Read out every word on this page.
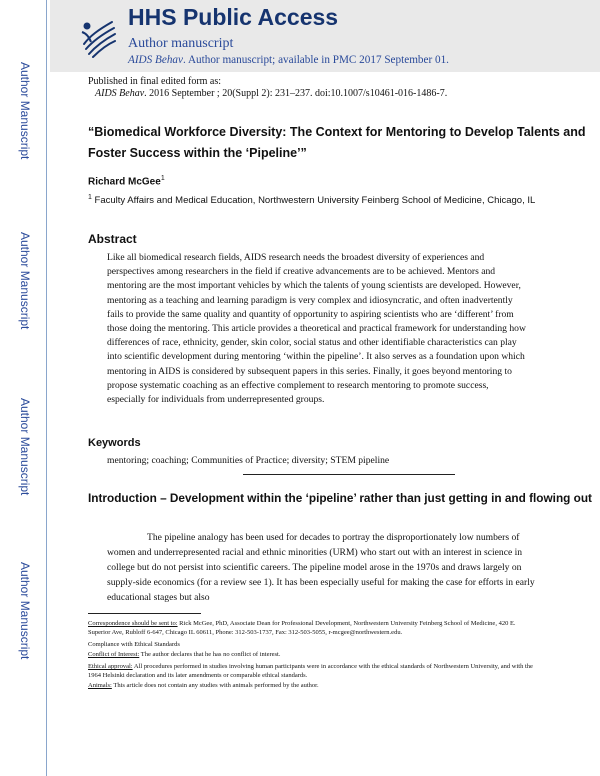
Author Manuscript
Author Manuscript
Author Manuscript
Author Manuscript
HHS Public Access
Author manuscript
AIDS Behav. Author manuscript; available in PMC 2017 September 01.
Published in final edited form as:
AIDS Behav. 2016 September ; 20(Suppl 2): 231–237. doi:10.1007/s10461-016-1486-7.
“Biomedical Workforce Diversity: The Context for Mentoring to Develop Talents and Foster Success within the ‘Pipeline’”
Richard McGee$^1$
$^1$ Faculty Affairs and Medical Education, Northwestern University Feinberg School of Medicine, Chicago, IL
Abstract
Like all biomedical research fields, AIDS research needs the broadest diversity of experiences and perspectives among researchers in the field if creative advancements are to be achieved. Mentors and mentoring are the most important vehicles by which the talents of young scientists are developed. However, mentoring as a teaching and learning paradigm is very complex and idiosyncratic, and often inadvertently fails to provide the same quality and quantity of opportunity to aspiring scientists who are ‘different’ from those doing the mentoring. This article provides a theoretical and practical framework for understanding how differences of race, ethnicity, gender, skin color, social status and other identifiable characteristics can play into scientific development during mentoring ‘within the pipeline’. It also serves as a foundation upon which mentoring in AIDS is considered by subsequent papers in this series. Finally, it goes beyond mentoring to propose systematic coaching as an effective complement to research mentoring to promote success, especially for individuals from underrepresented groups.
Keywords
mentoring; coaching; Communities of Practice; diversity; STEM pipeline
Introduction – Development within the ‘pipeline’ rather than just getting in and flowing out
The pipeline analogy has been used for decades to portray the disproportionately low numbers of women and underrepresented racial and ethnic minorities (URM) who start out with an interest in science in college but do not persist into scientific careers. The pipeline model arose in the 1970s and draws largely on supply-side economics (for a review see 1). It has been especially useful for making the case for efforts in early educational stages but also

Correspondence should be sent to: Rick McGee, PhD, Associate Dean for Professional Development, Northwestern University Feinberg School of Medicine, 420 E. Superior Ave, Rubloff 6-647, Chicago IL 60611, Phone: 312-503-1737, Fax: 312-503-5055, r-mcgee@northwestern.edu.

Compliance with Ethical Standards

Conflict of Interest: The author declares that he has no conflict of interest.

Ethical approval: All procedures performed in studies involving human participants were in accordance with the ethical standards of Northwestern University, and with the 1964 Helsinki declaration and its later amendments or comparable ethical standards.

Animals: This article does not contain any studies with animals performed by the author.
